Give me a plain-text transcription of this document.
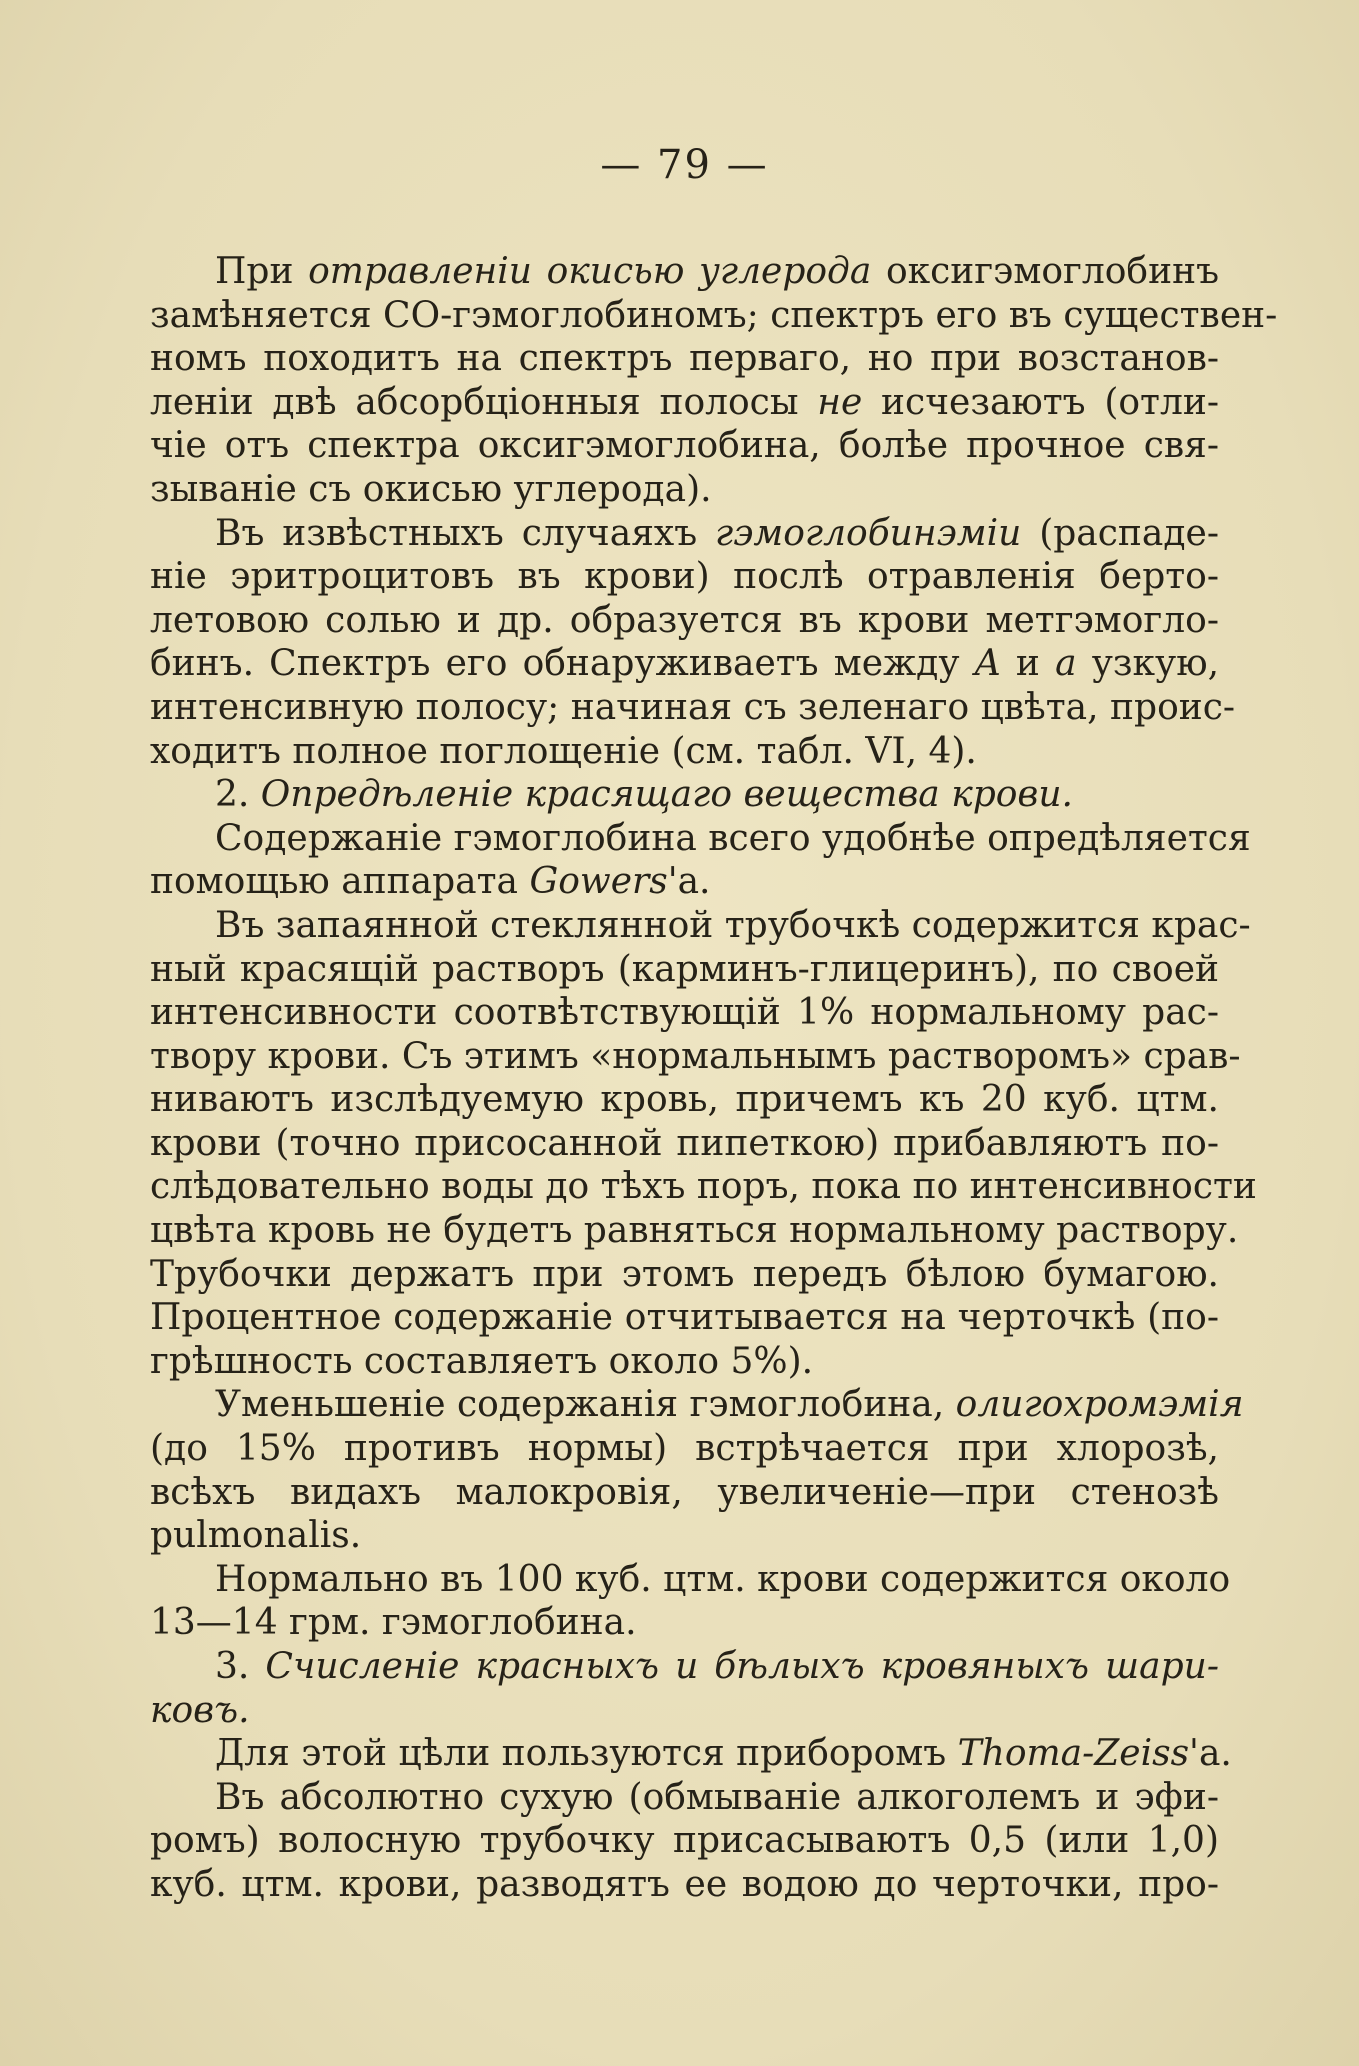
— 79 —
При отравленіи окисью углерода оксигэмоглобинъ
замѣняется СО-гэмоглобиномъ; спектръ его въ существен-
номъ походитъ на спектръ перваго, но при возстанов-
леніи двѣ абсорбціонныя полосы не исчезаютъ (отли-
чіе отъ спектра оксигэмоглобина, болѣе прочное свя-
зываніе съ окисью углерода).
Въ извѣстныхъ случаяхъ гэмоглобинэміи (распаде-
ніе эритроцитовъ въ крови) послѣ отравленія берто-
летовою солью и др. образуется въ крови метгэмогло-
бинъ. Спектръ его обнаруживаетъ между A и a узкую,
интенсивную полосу; начиная съ зеленаго цвѣта, проис-
ходитъ полное поглощеніе (см. табл. VI, 4).
2. Опредѣленіе красящаго вещества крови.
Содержаніе гэмоглобина всего удобнѣе опредѣляется
помощью аппарата Gowers'а.
Въ запаянной стеклянной трубочкѣ содержится крас-
ный красящій растворъ (карминъ-глицеринъ), по своей
интенсивности соотвѣтствующій 1% нормальному рас-
твору крови. Съ этимъ «нормальнымъ растворомъ» срав-
ниваютъ изслѣдуемую кровь, причемъ къ 20 куб. цтм.
крови (точно присосанной пипеткою) прибавляютъ по-
слѣдовательно воды до тѣхъ поръ, пока по интенсивности
цвѣта кровь не будетъ равняться нормальному раствору.
Трубочки держатъ при этомъ передъ бѣлою бумагою.
Процентное содержаніе отчитывается на черточкѣ (по-
грѣшность составляетъ около 5%).
Уменьшеніе содержанія гэмоглобина, олигохромэмія
(до 15% противъ нормы) встрѣчается при хлорозѣ,
всѣхъ видахъ малокровія, увеличеніе—при стенозѣ
pulmonalis.
Нормально въ 100 куб. цтм. крови содержится около
13—14 грм. гэмоглобина.
3. Счисленіе красныхъ и бѣлыхъ кровяныхъ шари-
ковъ.
Для этой цѣли пользуются приборомъ Thoma-Zeiss'а.
Въ абсолютно сухую (обмываніе алкоголемъ и эфи-
ромъ) волосную трубочку присасываютъ 0,5 (или 1,0)
куб. цтм. крови, разводятъ ее водою до черточки, про-
